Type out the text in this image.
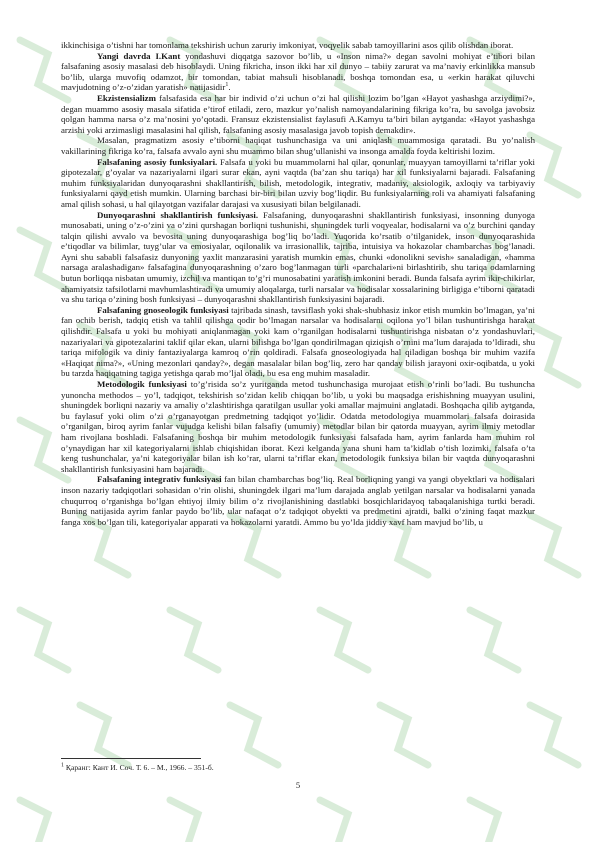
ikkinchisiga o’tishni har tomonlama tekshirish uchun zaruriy imkoniyat, voqyelik sabab tamoyillarini asos qilib olishdan iborat.

Yangi davrda I.Kant yondashuvi diqqatga sazovor bo’lib, u «Inson nima?» degan savolni mohiyat e’tibori bilan falsafaning asosiy masalasi deb hisoblaydi. Uning fikricha, inson ikki har xil dunyo – tabiiy zarurat va ma’naviy erkinlikka mansub bo’lib, ularga muvofiq odamzot, bir tomondan, tabiat mahsuli hisoblanadi, boshqa tomondan esa, u «erkin harakat qiluvchi mavjudotning o’z-o’zidan yaratish» natijasidir$^1$.

Ekzistensializm falsafasida esa har bir individ o’zi uchun o’zi hal qilishi lozim bo’lgan «Hayot yashashga arziydimi?», degan muammo asosiy masala sifatida e’tirof etiladi, zero, mazkur yo’nalish namoyandalarining fikriga ko’ra, bu savolga javobsiz qolgan hamma narsa o’z ma’nosini yo’qotadi. Fransuz ekzistensialist faylasufi A.Kamyu ta’biri bilan aytganda: «Hayot yashashga arzishi yoki arzimasligi masalasini hal qilish, falsafaning asosiy masalasiga javob topish demakdir».

Masalan, pragmatizm asosiy e’tiborni haqiqat tushunchasiga va uni aniqlash muammosiga qaratadi. Bu yo’nalish vakillarining fikriga ko’ra, falsafa avvalo ayni shu muammo bilan shug’ullanishi va insonga amalda foyda keltirishi lozim.

Falsafaning asosiy funksiyalari. Falsafa u yoki bu muammolarni hal qilar, qonunlar, muayyan tamoyillarni ta’riflar yoki gipotezalar, g’oyalar va nazariyalarni ilgari surar ekan, ayni vaqtda (ba’zan shu tariqa) har xil funksiyalarni bajaradi. Falsafaning muhim funksiyalaridan dunyoqarashni shakllantirish, bilish, metodologik, integrativ, madaniy, aksiologik, axloqiy va tarbiyaviy funksiyalarni qayd etish mumkin. Ularning barchasi bir-biri bilan uzviy bog’liqdir. Bu funksiyalarning roli va ahamiyati falsafaning amal qilish sohasi, u hal qilayotgan vazifalar darajasi va xususiyati bilan belgilanadi.

Dunyoqarashni shakllantirish funksiyasi. Falsafaning, dunyoqarashni shakllantirish funksiyasi, insonning dunyoga munosabati, uning o’z-o’zini va o’zini qurshagan borliqni tushunishi, shuningdek turli voqyealar, hodisalarni va o’z burchini qanday talqin qilishi avvalo va bevosita uning dunyoqarashiga bog’liq bo’ladi. Yuqorida ko’rsatib o’tilganidek, inson dunyoqarashida e’tiqodlar va bilimlar, tuyg’ular va emosiyalar, oqilonalik va irrasionallik, tajriba, intuisiya va hokazolar chambarchas bog’lanadi. Ayni shu sababli falsafasiz dunyoning yaxlit manzarasini yaratish mumkin emas, chunki «donolikni sevish» sanaladigan, «hamma narsaga aralashadigan» falsafagina dunyoqarashning o’zaro bog’lanmagan turli «parchalari»ni birlashtirib, shu tariqa odamlarning butun borliqqa nisbatan umumiy, izchil va mantiqan to’g’ri munosabatini yaratish imkonini beradi. Bunda falsafa ayrim ikir-chikirlar, ahamiyatsiz tafsilotlarni mavhumlashtiradi va umumiy aloqalarga, turli narsalar va hodisalar xossalarining birligiga e’tiborni qaratadi va shu tariqa o’zining bosh funksiyasi – dunyoqarashni shakllantirish funksiyasini bajaradi.

Falsafaning gnoseologik funksiyasi tajribada sinash, tavsiflash yoki shak-shubhasiz inkor etish mumkin bo’lmagan, ya’ni fan ochib berish, tadqiq etish va tahlil qilishga qodir bo’lmagan narsalar va hodisalarni oqilona yo’l bilan tushuntirishga harakat qilishdir. Falsafa u yoki bu mohiyati aniqlanmagan yoki kam o’rganilgan hodisalarni tushuntirishga nisbatan o’z yondashuvlari, nazariyalari va gipotezalarini taklif qilar ekan, ularni bilishga bo’lgan qondirilmagan qiziqish o’rnini ma’lum darajada to’ldiradi, shu tariqa mifologik va diniy fantaziyalarga kamroq o’rin qoldiradi. Falsafa gnoseologiyada hal qiladigan boshqa bir muhim vazifa «Haqiqat nima?», «Uning mezonlari qanday?», degan masalalar bilan bog’liq, zero har qanday bilish jarayoni oxir-oqibatda, u yoki bu tarzda haqiqatning tagiga yetishga qarab mo’ljal oladi, bu esa eng muhim masaladir.

Metodologik funksiyasi to’g’risida so’z yuritganda metod tushunchasiga murojaat etish o’rinli bo’ladi. Bu tushuncha yunoncha methodos – yo’l, tadqiqot, tekshirish so’zidan kelib chiqqan bo’lib, u yoki bu maqsadga erishishning muayyan usulini, shuningdek borliqni nazariy va amaliy o’zlashtirishga qaratilgan usullar yoki amallar majmuini anglatadi. Boshqacha qilib aytganda, bu faylasuf yoki olim o’zi o’rganayotgan predmetning tadqiqot yo’lidir. Odatda metodologiya muammolari falsafa doirasida o’rganilgan, biroq ayrim fanlar vujudga kelishi bilan falsafiy (umumiy) metodlar bilan bir qatorda muayyan, ayrim ilmiy metodlar ham rivojlana boshladi. Falsafaning boshqa bir muhim metodologik funksiyasi falsafada ham, ayrim fanlarda ham muhim rol o’ynaydigan har xil kategoriyalarni ishlab chiqishidan iborat. Kezi kelganda yana shuni ham ta’kidlab o’tish lozimki, falsafa o’ta keng tushunchalar, ya’ni kategoriyalar bilan ish ko’rar, ularni ta’riflar ekan, metodologik funksiya bilan bir vaqtda dunyoqarashni shakllantirish funksiyasini ham bajaradi.

Falsafaning integrativ funksiyasi fan bilan chambarchas bog’liq. Real borliqning yangi va yangi obyektlari va hodisalari inson nazariy tadqiqotlari sohasidan o’rin olishi, shuningdek ilgari ma’lum darajada anglab yetilgan narsalar va hodisalarni yanada chuqurroq o’rganishga bo’lgan ehtiyoj ilmiy bilim o’z rivojlanishining dastlabki bosqichlaridayoq tabaqalanishiga turtki beradi. Buning natijasida ayrim fanlar paydo bo’lib, ular nafaqat o’z tadqiqot obyekti va predmetini ajratdi, balki o’zining faqat mazkur fanga xos bo’lgan tili, kategoriyalar apparati va hokazolarni yaratdi. Ammo bu yo’lda jiddiy xavf ham mavjud bo’lib, u

$^1$ Қаранг: Кант И. Соч. Т. 6. – М., 1966. – 351-б.
5
